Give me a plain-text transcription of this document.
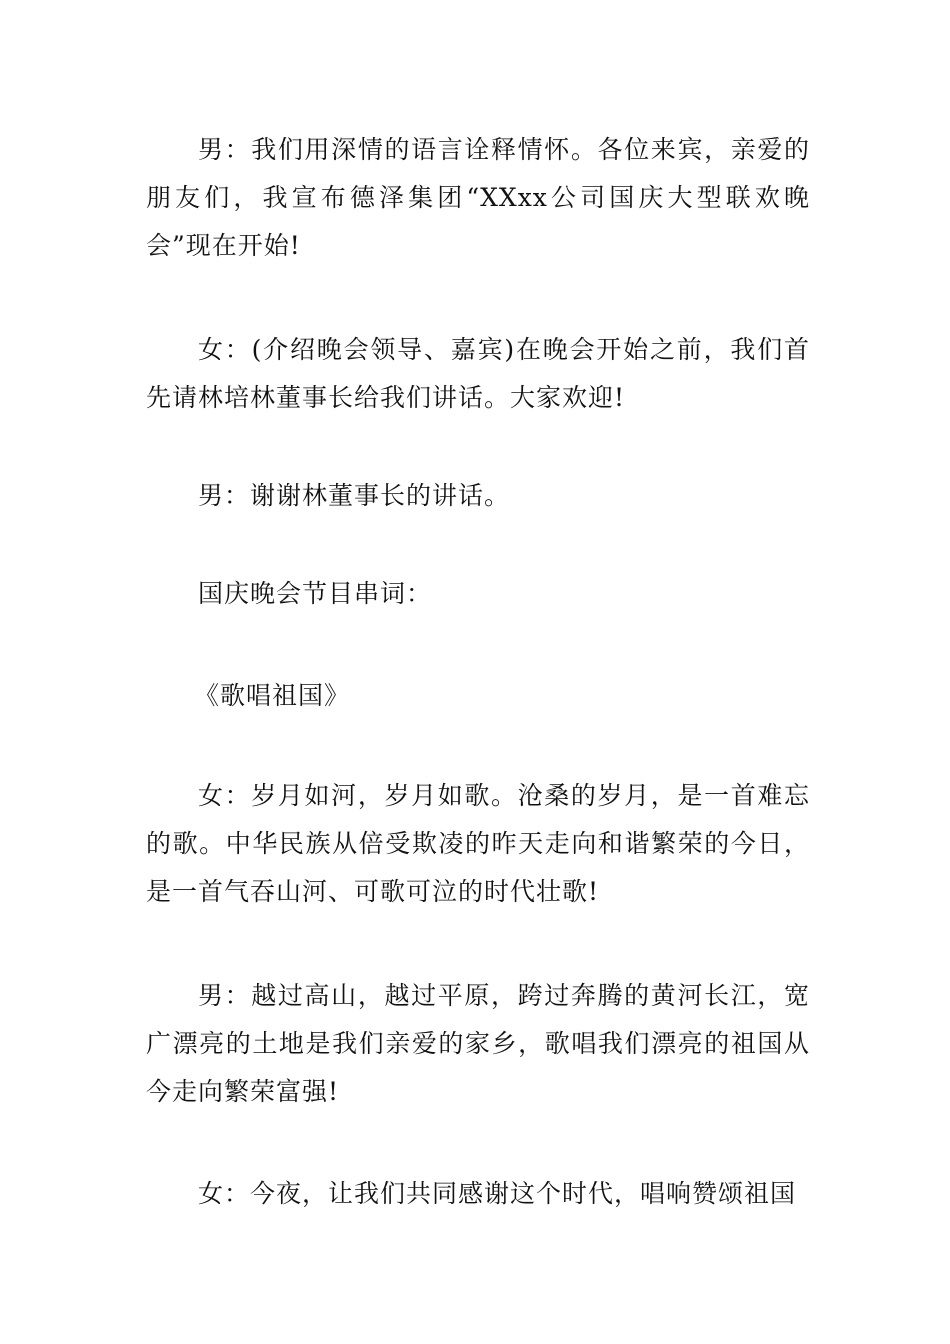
男：我们用深情的语言诠释情怀。各位来宾，亲爱的朋友们，我宣布德泽集团“XXxx公司国庆大型联欢晚会”现在开始!

女：(介绍晚会领导、嘉宾)在晚会开始之前，我们首先请林培林董事长给我们讲话。大家欢迎!

男：谢谢林董事长的讲话。

国庆晚会节目串词：

《歌唱祖国》

女：岁月如河，岁月如歌。沧桑的岁月，是一首难忘的歌。中华民族从倍受欺凌的昨天走向和谐繁荣的今日，是一首气吞山河、可歌可泣的时代壮歌!

男：越过高山，越过平原，跨过奔腾的黄河长江，宽广漂亮的土地是我们亲爱的家乡，歌唱我们漂亮的祖国从今走向繁荣富强!

女：今夜，让我们共同感谢这个时代，唱响赞颂祖国
